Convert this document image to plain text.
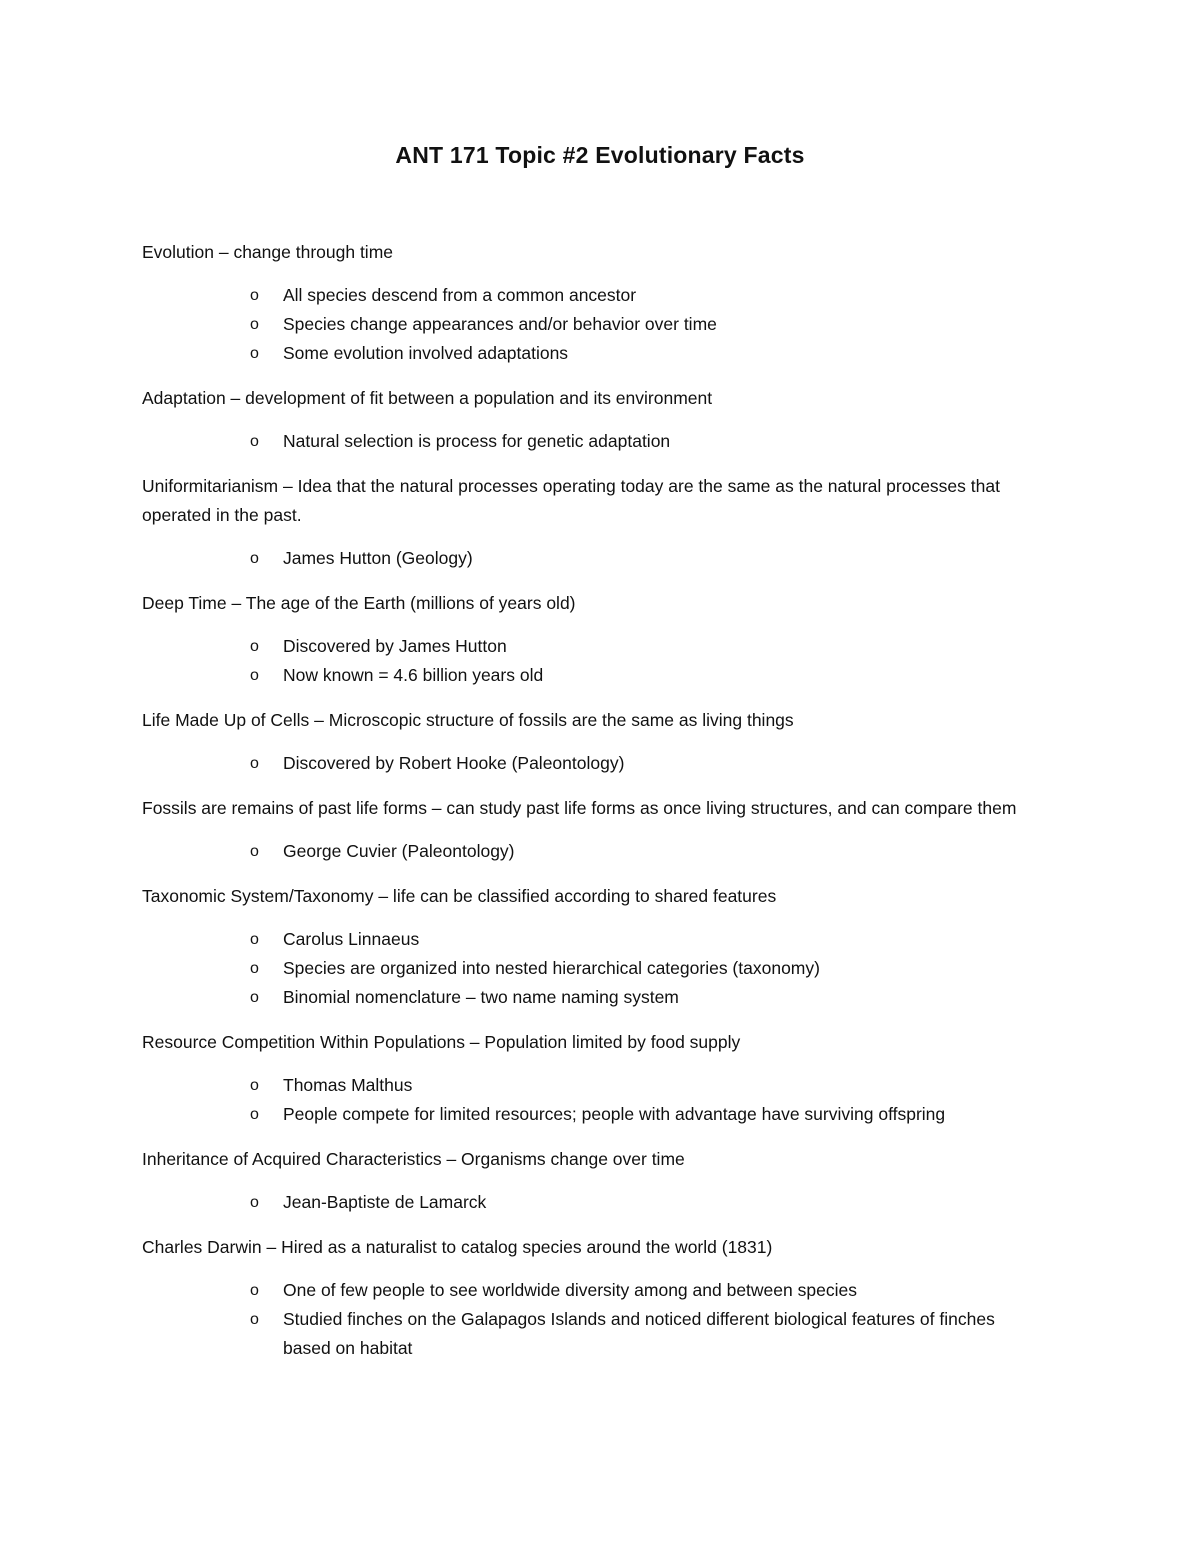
ANT 171 Topic #2 Evolutionary Facts

Evolution – change through time

o All species descend from a common ancestor
o Species change appearances and/or behavior over time
o Some evolution involved adaptations

Adaptation – development of fit between a population and its environment

o Natural selection is process for genetic adaptation

Uniformitarianism – Idea that the natural processes operating today are the same as the natural processes that operated in the past.

o James Hutton (Geology)

Deep Time – The age of the Earth (millions of years old)

o Discovered by James Hutton
o Now known = 4.6 billion years old

Life Made Up of Cells – Microscopic structure of fossils are the same as living things

o Discovered by Robert Hooke (Paleontology)

Fossils are remains of past life forms – can study past life forms as once living structures, and can compare them

o George Cuvier (Paleontology)

Taxonomic System/Taxonomy – life can be classified according to shared features

o Carolus Linnaeus
o Species are organized into nested hierarchical categories (taxonomy)
o Binomial nomenclature – two name naming system

Resource Competition Within Populations – Population limited by food supply

o Thomas Malthus
o People compete for limited resources; people with advantage have surviving offspring

Inheritance of Acquired Characteristics – Organisms change over time

o Jean-Baptiste de Lamarck

Charles Darwin – Hired as a naturalist to catalog species around the world (1831)

o One of few people to see worldwide diversity among and between species
o Studied finches on the Galapagos Islands and noticed different biological features of finches based on habitat
